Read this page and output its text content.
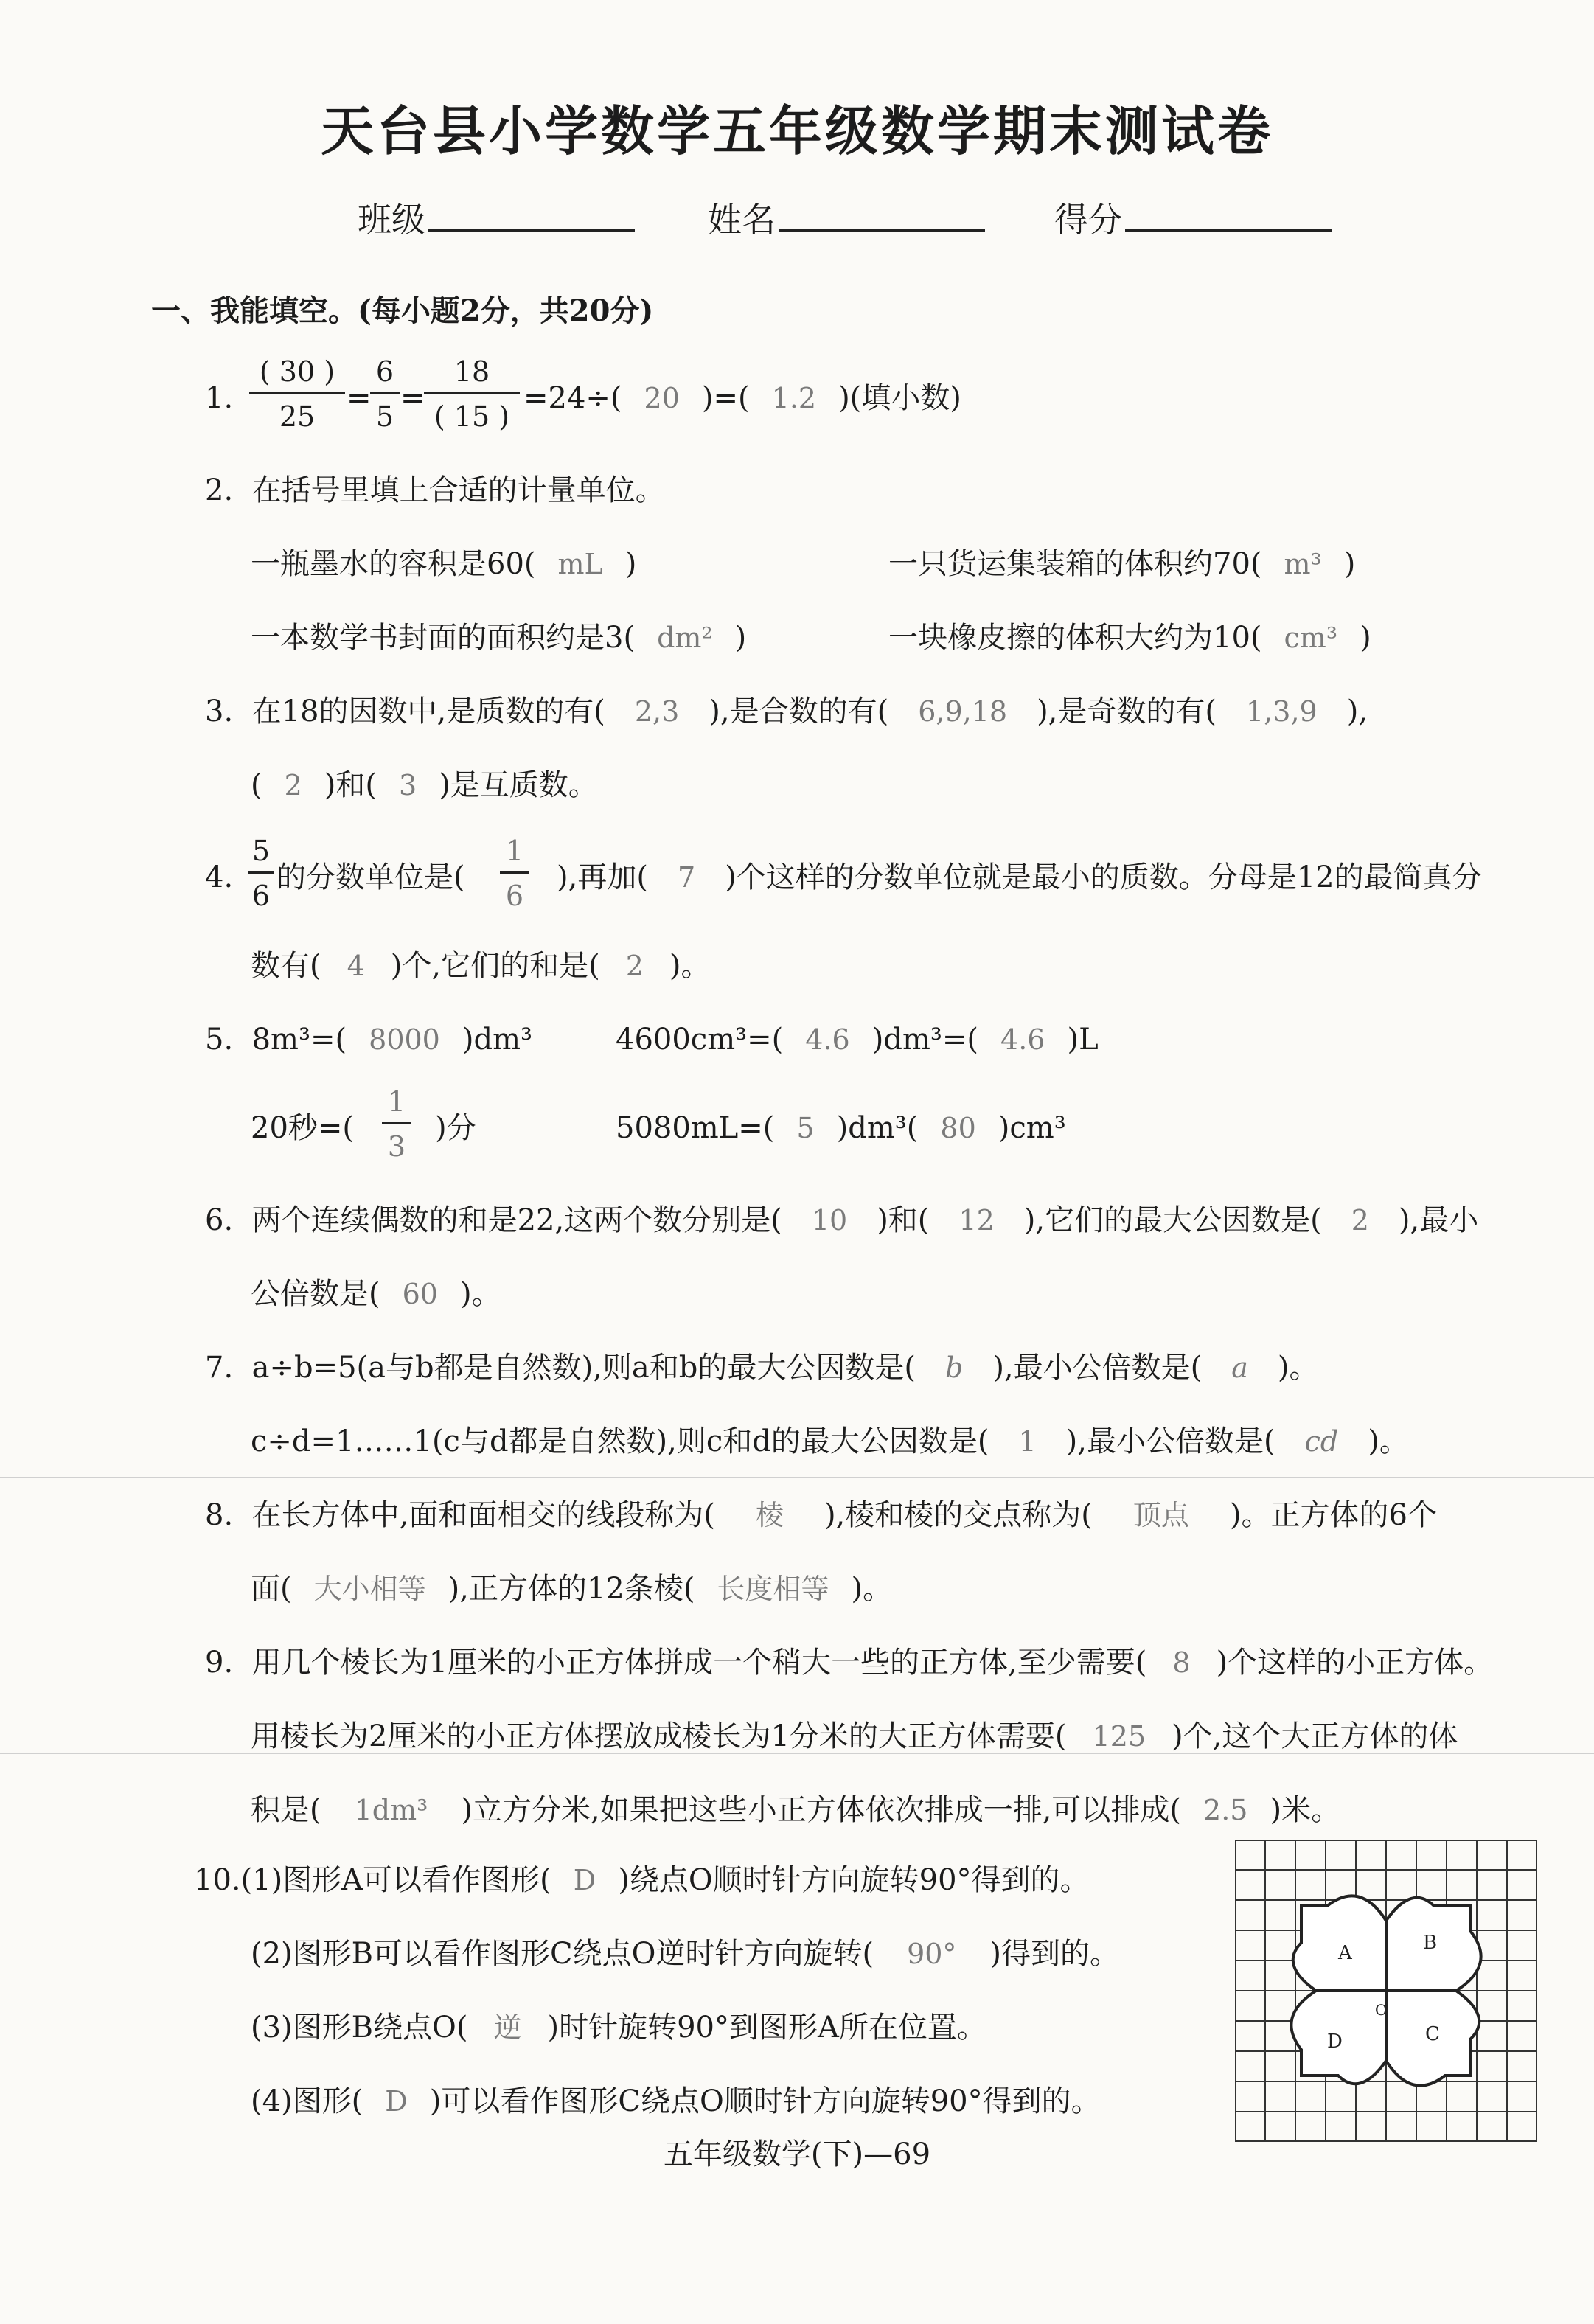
天台县小学数学五年级数学期末测试卷
班级	姓名	得分
一、我能填空。(每小题2分，共20分)
1. $\frac{( 30 )}{25}$ =
$\frac{6}{5}$ =
$\frac{18}{( 15 )} =24\div$( 20 )=( 1.2 )(填小数)
2. 在括号里填上合适的计量单位。
一瓶墨水的容积是60( mL )	一只货运集装箱的体积约70( m³ )
一本数学书封面的面积约是3( dm² )	一块橡皮擦的体积大约为10( cm³ )
3. 在18的因数中,是质数的有( 2,3 ),是合数的有( 6,9,18 ),是奇数的有( 1,3,9 ),
( 2 )和( 3 )是互质数。
4. $\frac{5}{6}$ 的分数单位是( $\frac{1}{6}$ ),再加( 7 )个这样的分数单位就是最小的质数。分母是12的最简真分
数有( 4 )个,它们的和是( 2 )。
5. 8m³=( 8000 )dm³	4600cm³=( 4.6 )dm³=( 4.6 )L
20秒=( $\frac{1}{3}$ )分	5080mL=( 5 )dm³( 80 )cm³
6. 两个连续偶数的和是22,这两个数分别是( 10 )和( 12 ),它们的最大公因数是( 2 ),最小
公倍数是( 60 )。
7. a÷b=5(a与b都是自然数),则a和b的最大公因数是( b ),最小公倍数是( a )。
c÷d=1……1(c与d都是自然数),则c和d的最大公因数是( 1 ),最小公倍数是( cd )。
8. 在长方体中,面和面相交的线段称为( 棱 ),棱和棱的交点称为( 顶点 )。正方体的6个
面( 大小相等 ),正方体的12条棱( 长度相等 )。
9. 用几个棱长为1厘米的小正方体拼成一个稍大一些的正方体,至少需要( 8 )个这样的小正方体。
用棱长为2厘米的小正方体摆放成棱长为1分米的大正方体需要( 125 )个,这个大正方体的体
积是( 1dm³ )立方分米,如果把这些小正方体依次排成一排,可以排成( 2.5 )米。
10.(1)图形A可以看作图形( D )绕点O顺时针方向旋转90°得到的。
(2)图形B可以看作图形C绕点O逆时针方向旋转( 90° )得到的。
(3)图形B绕点O( 逆 )时针旋转90°到图形A所在位置。
(4)图形( D )可以看作图形C绕点O顺时针方向旋转90°得到的。
A	B
C
D
O
五年级数学(下)—69
